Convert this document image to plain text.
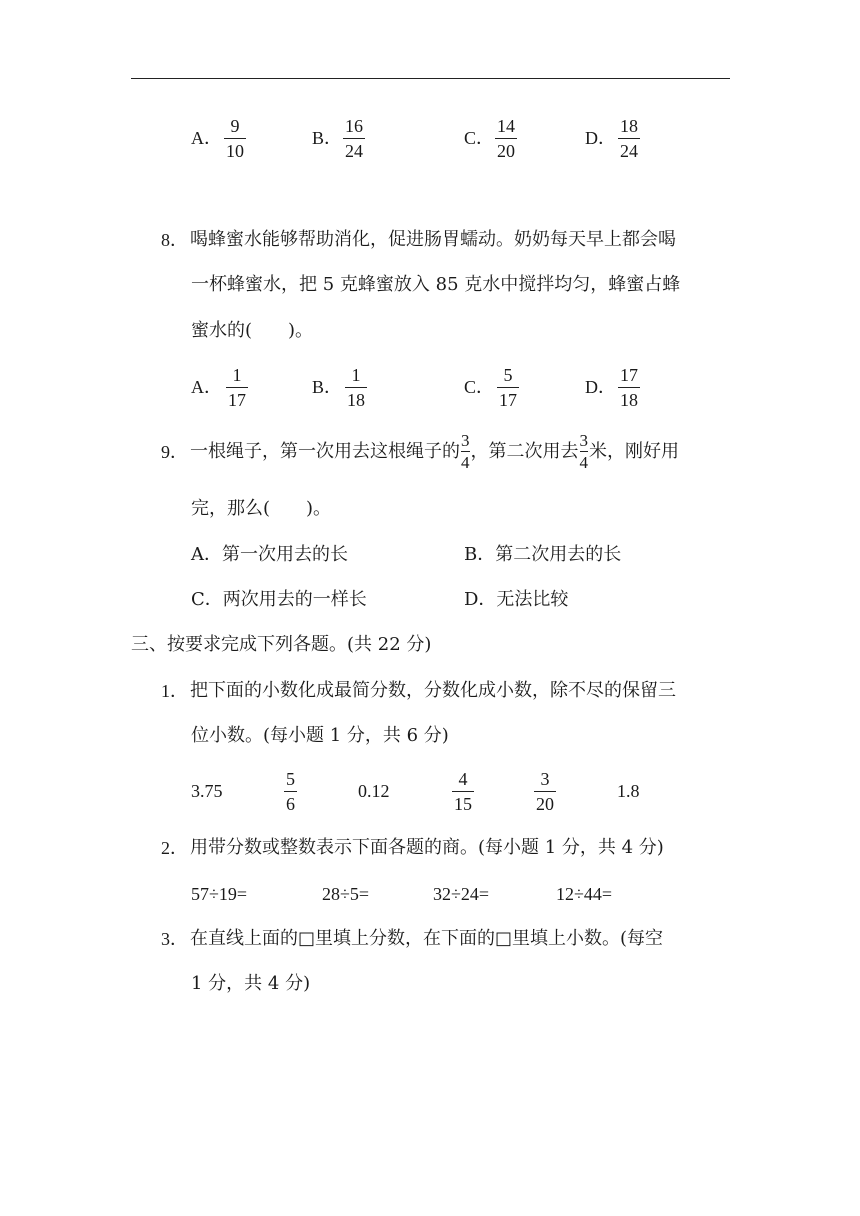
A． $\frac{9}{10}$	B． $\frac{16}{24}$	C． $\frac{14}{20}$	D． $\frac{18}{24}$
8． 喝蜂蜜水能够帮助消化，促进肠胃蠕动。奶奶每天早上都会喝
一杯蜂蜜水，把 5 克蜂蜜放入 85 克水中搅拌均匀，蜂蜜占蜂
蜜水的(　　)。
A． $\frac{1}{17}$	B． $\frac{1}{18}$	C． $\frac{5}{17}$	D． $\frac{17}{18}$
9． 一根绳子，第一次用去这根绳子的 $\frac{3}{4}$ ，第二次用去 $\frac{3}{4}$ 米，刚好用
完，那么(　　)。
A．第一次用去的长	B．第二次用去的长
C．两次用去的一样长	D．无法比较
三、按要求完成下列各题。(共 22 分)
1． 把下面的小数化成最简分数，分数化成小数，除不尽的保留三
位小数。(每小题 1 分，共 6 分)
3.75	$\frac{5}{6}$	0.12	$\frac{4}{15}$	$\frac{3}{20}$	1.8
2． 用带分数或整数表示下面各题的商。(每小题 1 分，共 4 分)
57÷19=	28÷5=	32÷24=	12÷44=
3． 在直线上面的□里填上分数，在下面的□里填上小数。(每空
1 分，共 4 分)
